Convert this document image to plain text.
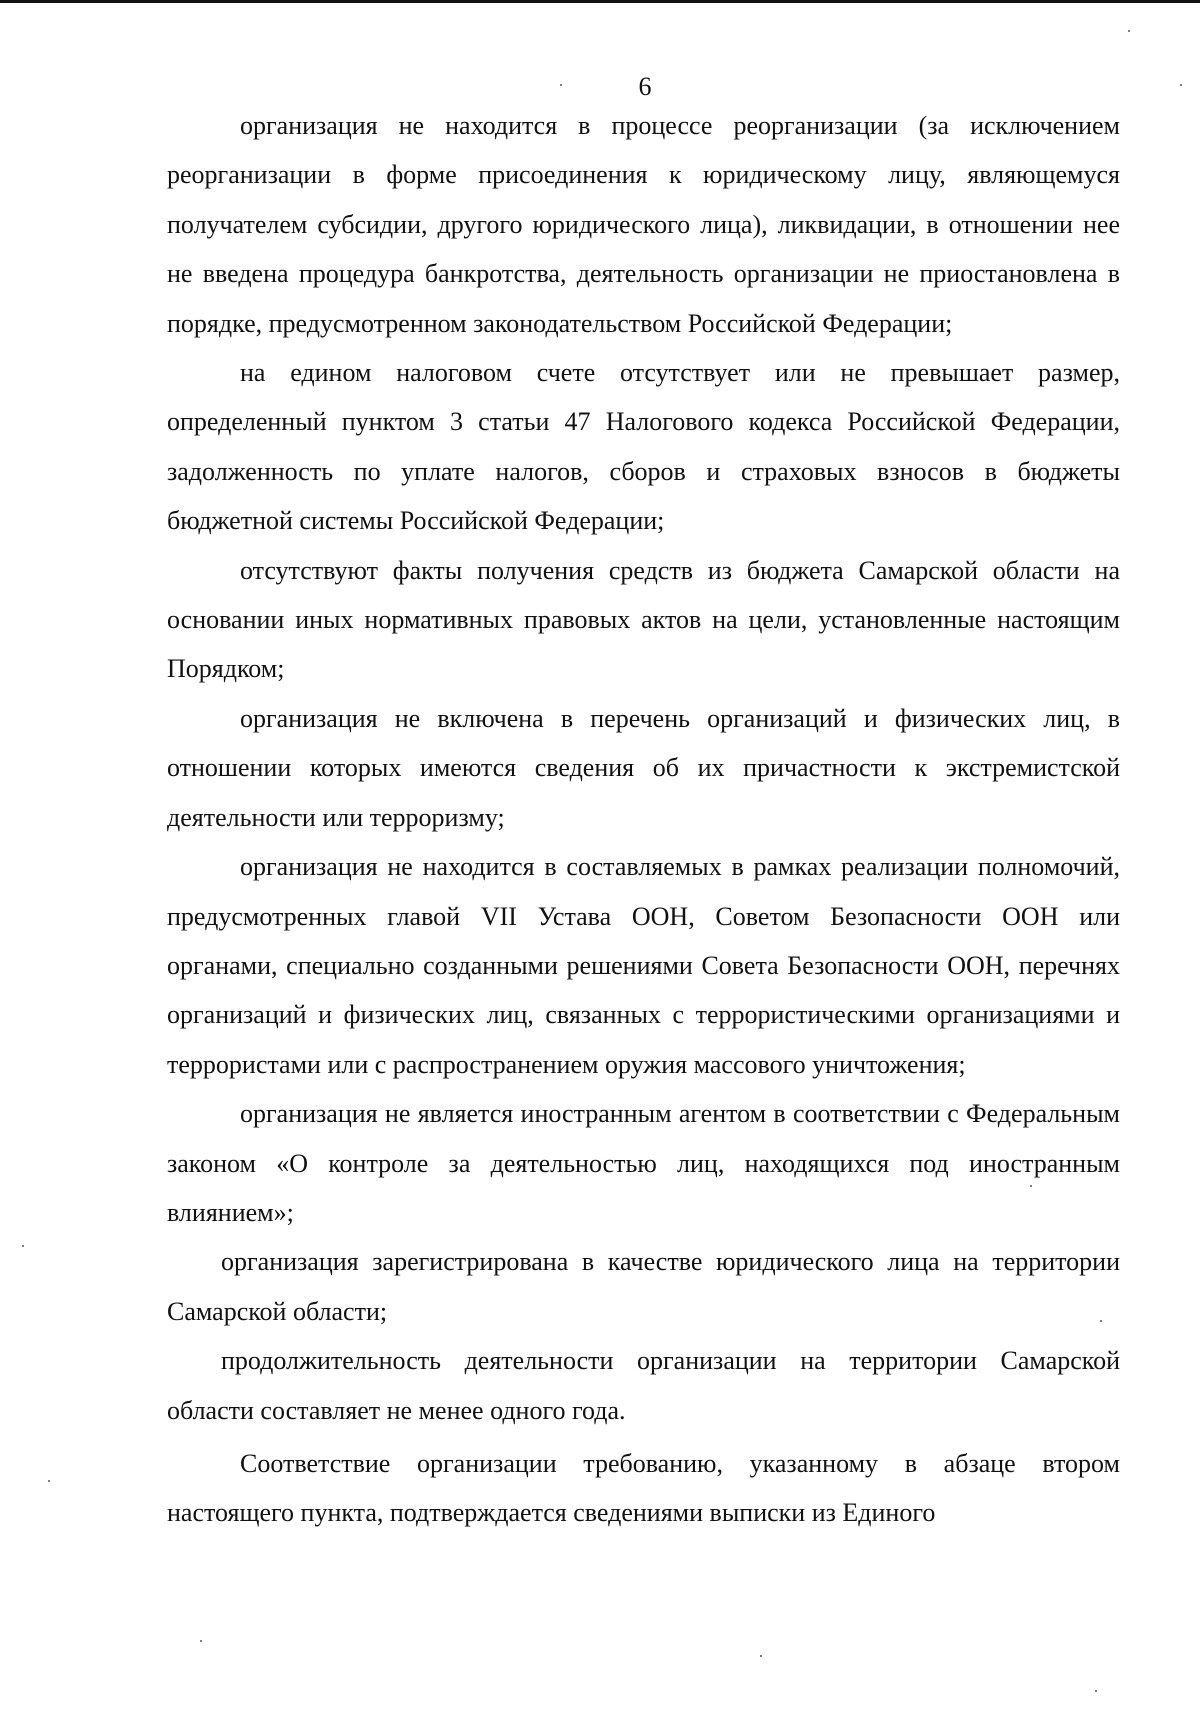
6

организация не находится в процессе реорганизации (за исключением реорганизации в форме присоединения к юридическому лицу, являющемуся получателем субсидии, другого юридического лица), ликвидации, в отношении нее не введена процедура банкротства, деятельность организации не приостановлена в порядке, предусмотренном законодательством Российской Федерации;

на едином налоговом счете отсутствует или не превышает размер, определенный пунктом 3 статьи 47 Налогового кодекса Российской Федерации, задолженность по уплате налогов, сборов и страховых взносов в бюджеты бюджетной системы Российской Федерации;

отсутствуют факты получения средств из бюджета Самарской области на основании иных нормативных правовых актов на цели, установленные настоящим Порядком;

организация не включена в перечень организаций и физических лиц, в отношении которых имеются сведения об их причастности к экстремистской деятельности или терроризму;

организация не находится в составляемых в рамках реализации полномочий, предусмотренных главой VII Устава ООН, Советом Безопасности ООН или органами, специально созданными решениями Совета Безопасности ООН, перечнях организаций и физических лиц, связанных с террористическими организациями и террористами или с распространением оружия массового уничтожения;

организация не является иностранным агентом в соответствии с Федеральным законом «О контроле за деятельностью лиц, находящихся под иностранным влиянием»;

организация зарегистрирована в качестве юридического лица на территории Самарской области;

продолжительность деятельности организации на территории Самарской области составляет не менее одного года.

Соответствие организации требованию, указанному в абзаце втором настоящего пункта, подтверждается сведениями выписки из Единого
